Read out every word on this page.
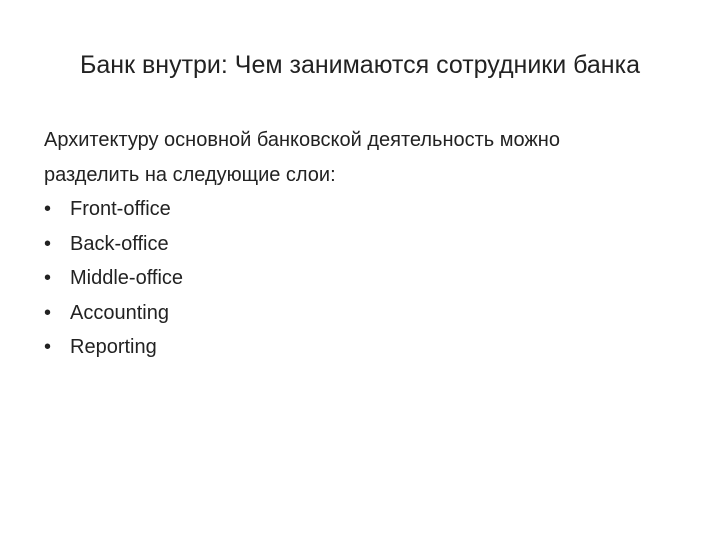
Банк внутри: Чем занимаются сотрудники банка

Архитектуру основной банковской деятельность можно
разделить на следующие слои:

• Front-office
• Back-office
• Middle-office
• Accounting
• Reporting
